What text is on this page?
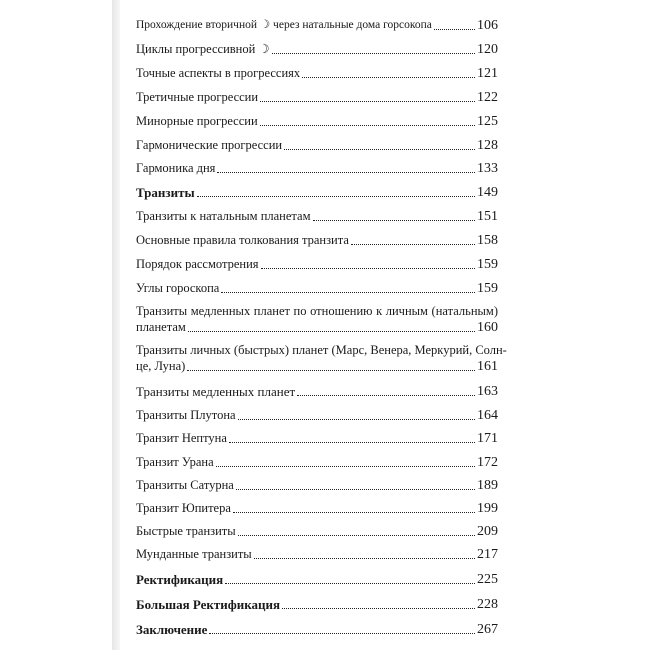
Прохождение вторичной ☽ через натальные дома горсокопа	106
Циклы прогрессивной ☽	120
Точные аспекты в прогрессиях	121
Третичные прогрессии	122
Минорные прогрессии	125
Гармонические прогрессии	128
Гармоника дня	133
Транзиты	149
Транзиты к натальным планетам	151
Основные правила толкования транзита	158
Порядок рассмотрения	159
Углы гороскопа	159
Транзиты медленных планет по отношению к личным (натальным)
планетам	160
Транзиты личных (быстрых) планет (Марс, Венера, Меркурий, Солн-
це, Луна)	161
Транзиты медленных планет	163
Транзиты Плутона	164
Транзит Нептуна	171
Транзит Урана	172
Транзиты Сатурна	189
Транзит Юпитера	199
Быстрые транзиты	209
Мунданные транзиты	217
Ректификация	225
Большая Ректификация	228
Заключение	267
